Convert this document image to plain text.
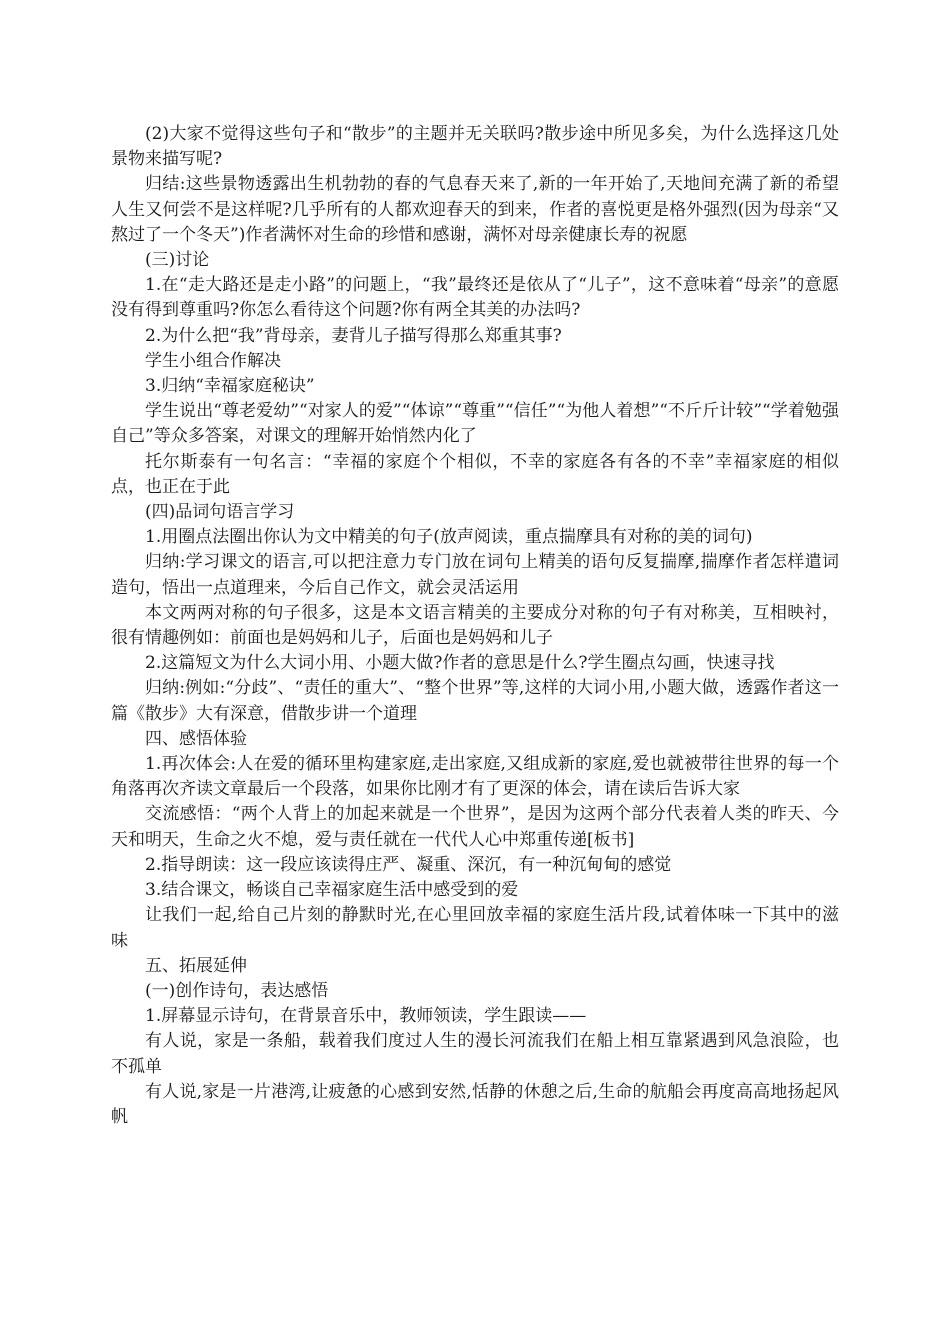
(2)大家不觉得这些句子和“散步”的主题并无关联吗?散步途中所见多矣，为什么选择这几处景物来描写呢?

归结:这些景物透露出生机勃勃的春的气息春天来了,新的一年开始了,天地间充满了新的希望人生又何尝不是这样呢?几乎所有的人都欢迎春天的到来，作者的喜悦更是格外强烈(因为母亲“又熬过了一个冬天”)作者满怀对生命的珍惜和感谢，满怀对母亲健康长寿的祝愿

(三)讨论

1.在“走大路还是走小路”的问题上，“我”最终还是依从了“儿子”，这不意味着“母亲”的意愿没有得到尊重吗?你怎么看待这个问题?你有两全其美的办法吗?

2.为什么把“我”背母亲，妻背儿子描写得那么郑重其事?

学生小组合作解决

3.归纳“幸福家庭秘诀”

学生说出“尊老爱幼”“对家人的爱”“体谅”“尊重”“信任”“为他人着想”“不斤斤计较”“学着勉强自己”等众多答案，对课文的理解开始悄然内化了

托尔斯泰有一句名言：“幸福的家庭个个相似，不幸的家庭各有各的不幸”幸福家庭的相似点，也正在于此

(四)品词句语言学习

1.用圈点法圈出你认为文中精美的句子(放声阅读，重点揣摩具有对称的美的词句)

归纳:学习课文的语言,可以把注意力专门放在词句上精美的语句反复揣摩,揣摩作者怎样遣词造句，悟出一点道理来，今后自己作文，就会灵活运用

本文两两对称的句子很多，这是本文语言精美的主要成分对称的句子有对称美，互相映衬，很有情趣例如：前面也是妈妈和儿子，后面也是妈妈和儿子

2.这篇短文为什么大词小用、小题大做?作者的意思是什么?学生圈点勾画，快速寻找

归纳:例如:“分歧”、“责任的重大”、“整个世界”等,这样的大词小用,小题大做，透露作者这一篇《散步》大有深意，借散步讲一个道理

四、感悟体验

1.再次体会:人在爱的循环里构建家庭,走出家庭,又组成新的家庭,爱也就被带往世界的每一个角落再次齐读文章最后一个段落，如果你比刚才有了更深的体会，请在读后告诉大家

交流感悟：“两个人背上的加起来就是一个世界”，是因为这两个部分代表着人类的昨天、今天和明天，生命之火不熄，爱与责任就在一代代人心中郑重传递[板书]

2.指导朗读：这一段应该读得庄严、凝重、深沉，有一种沉甸甸的感觉

3.结合课文，畅谈自己幸福家庭生活中感受到的爱

让我们一起,给自己片刻的静默时光,在心里回放幸福的家庭生活片段,试着体味一下其中的滋味

五、拓展延伸

(一)创作诗句，表达感悟

1.屏幕显示诗句，在背景音乐中，教师领读，学生跟读——

有人说，家是一条船，载着我们度过人生的漫长河流我们在船上相互靠紧遇到风急浪险，也不孤单

有人说,家是一片港湾,让疲惫的心感到安然,恬静的休憩之后,生命的航船会再度高高地扬起风帆
